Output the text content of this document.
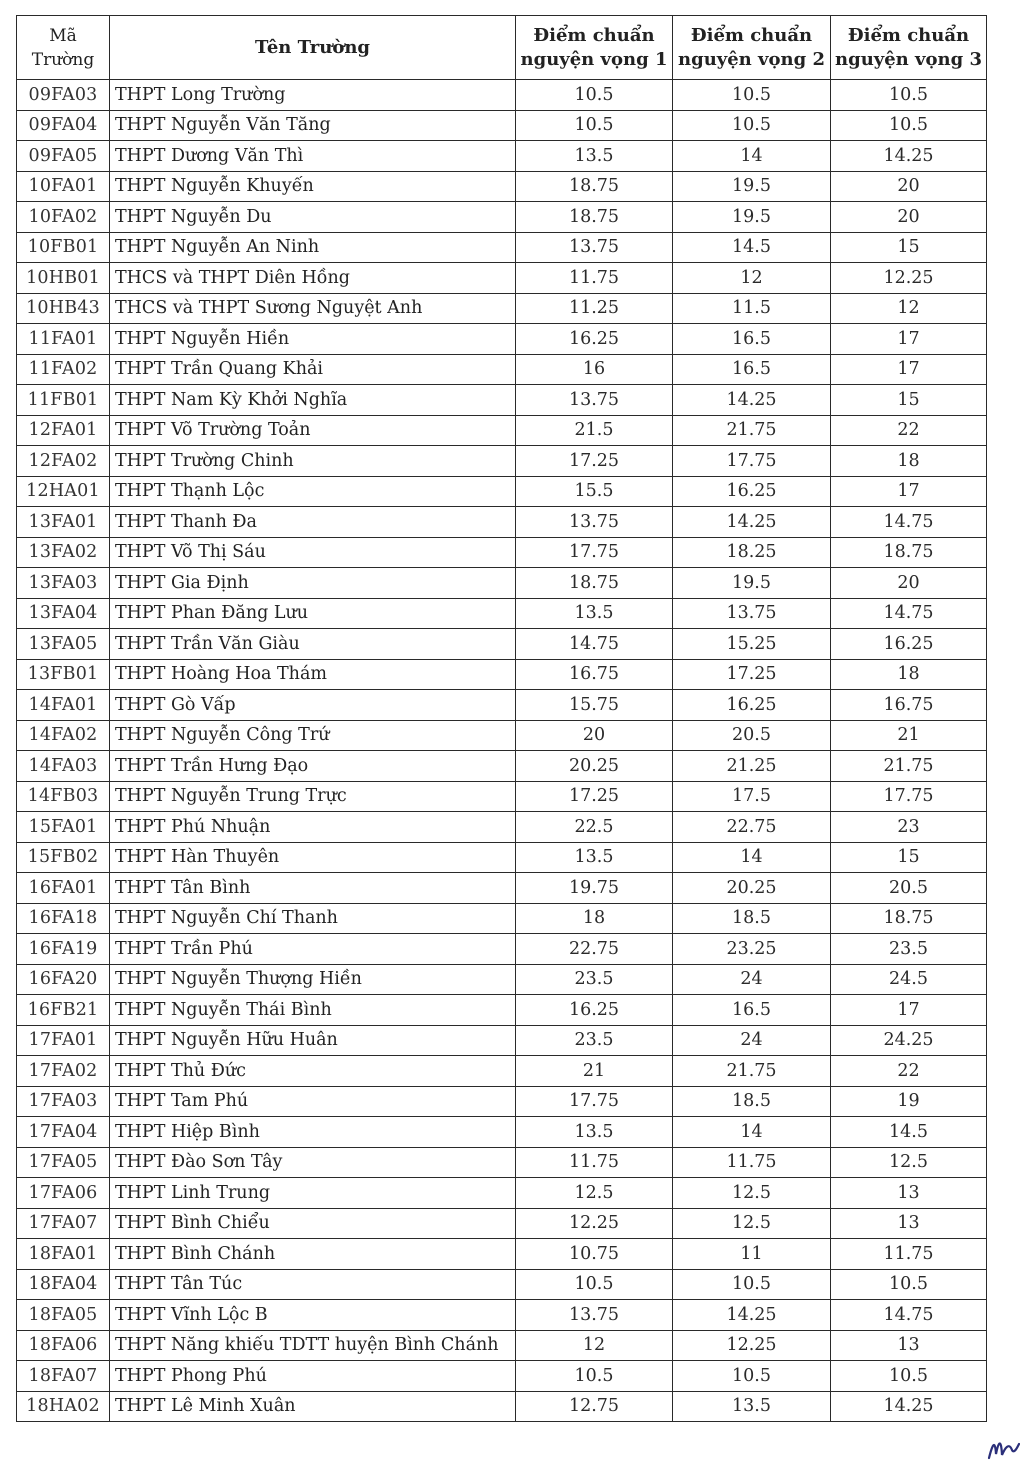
Mã Trường	Tên Trường	Điểm chuẩn nguyện vọng 1	Điểm chuẩn nguyện vọng 2	Điểm chuẩn nguyện vọng 3
09FA03	THPT Long Trường	10.5	10.5	10.5
09FA04	THPT Nguyễn Văn Tăng	10.5	10.5	10.5
09FA05	THPT Dương Văn Thì	13.5	14	14.25
10FA01	THPT Nguyễn Khuyến	18.75	19.5	20
10FA02	THPT Nguyễn Du	18.75	19.5	20
10FB01	THPT Nguyễn An Ninh	13.75	14.5	15
10HB01	THCS và THPT Diên Hồng	11.75	12	12.25
10HB43	THCS và THPT Sương Nguyệt Anh	11.25	11.5	12
11FA01	THPT Nguyễn Hiền	16.25	16.5	17
11FA02	THPT Trần Quang Khải	16	16.5	17
11FB01	THPT Nam Kỳ Khởi Nghĩa	13.75	14.25	15
12FA01	THPT Võ Trường Toản	21.5	21.75	22
12FA02	THPT Trường Chinh	17.25	17.75	18
12HA01	THPT Thạnh Lộc	15.5	16.25	17
13FA01	THPT Thanh Đa	13.75	14.25	14.75
13FA02	THPT Võ Thị Sáu	17.75	18.25	18.75
13FA03	THPT Gia Định	18.75	19.5	20
13FA04	THPT Phan Đăng Lưu	13.5	13.75	14.75
13FA05	THPT Trần Văn Giàu	14.75	15.25	16.25
13FB01	THPT Hoàng Hoa Thám	16.75	17.25	18
14FA01	THPT Gò Vấp	15.75	16.25	16.75
14FA02	THPT Nguyễn Công Trứ	20	20.5	21
14FA03	THPT Trần Hưng Đạo	20.25	21.25	21.75
14FB03	THPT Nguyễn Trung Trực	17.25	17.5	17.75
15FA01	THPT Phú Nhuận	22.5	22.75	23
15FB02	THPT Hàn Thuyên	13.5	14	15
16FA01	THPT Tân Bình	19.75	20.25	20.5
16FA18	THPT Nguyễn Chí Thanh	18	18.5	18.75
16FA19	THPT Trần Phú	22.75	23.25	23.5
16FA20	THPT Nguyễn Thượng Hiền	23.5	24	24.5
16FB21	THPT Nguyễn Thái Bình	16.25	16.5	17
17FA01	THPT Nguyễn Hữu Huân	23.5	24	24.25
17FA02	THPT Thủ Đức	21	21.75	22
17FA03	THPT Tam Phú	17.75	18.5	19
17FA04	THPT Hiệp Bình	13.5	14	14.5
17FA05	THPT Đào Sơn Tây	11.75	11.75	12.5
17FA06	THPT Linh Trung	12.5	12.5	13
17FA07	THPT Bình Chiểu	12.25	12.5	13
18FA01	THPT Bình Chánh	10.75	11	11.75
18FA04	THPT Tân Túc	10.5	10.5	10.5
18FA05	THPT Vĩnh Lộc B	13.75	14.25	14.75
18FA06	THPT Năng khiếu TDTT huyện Bình Chánh	12	12.25	13
18FA07	THPT Phong Phú	10.5	10.5	10.5
18HA02	THPT Lê Minh Xuân	12.75	13.5	14.25
